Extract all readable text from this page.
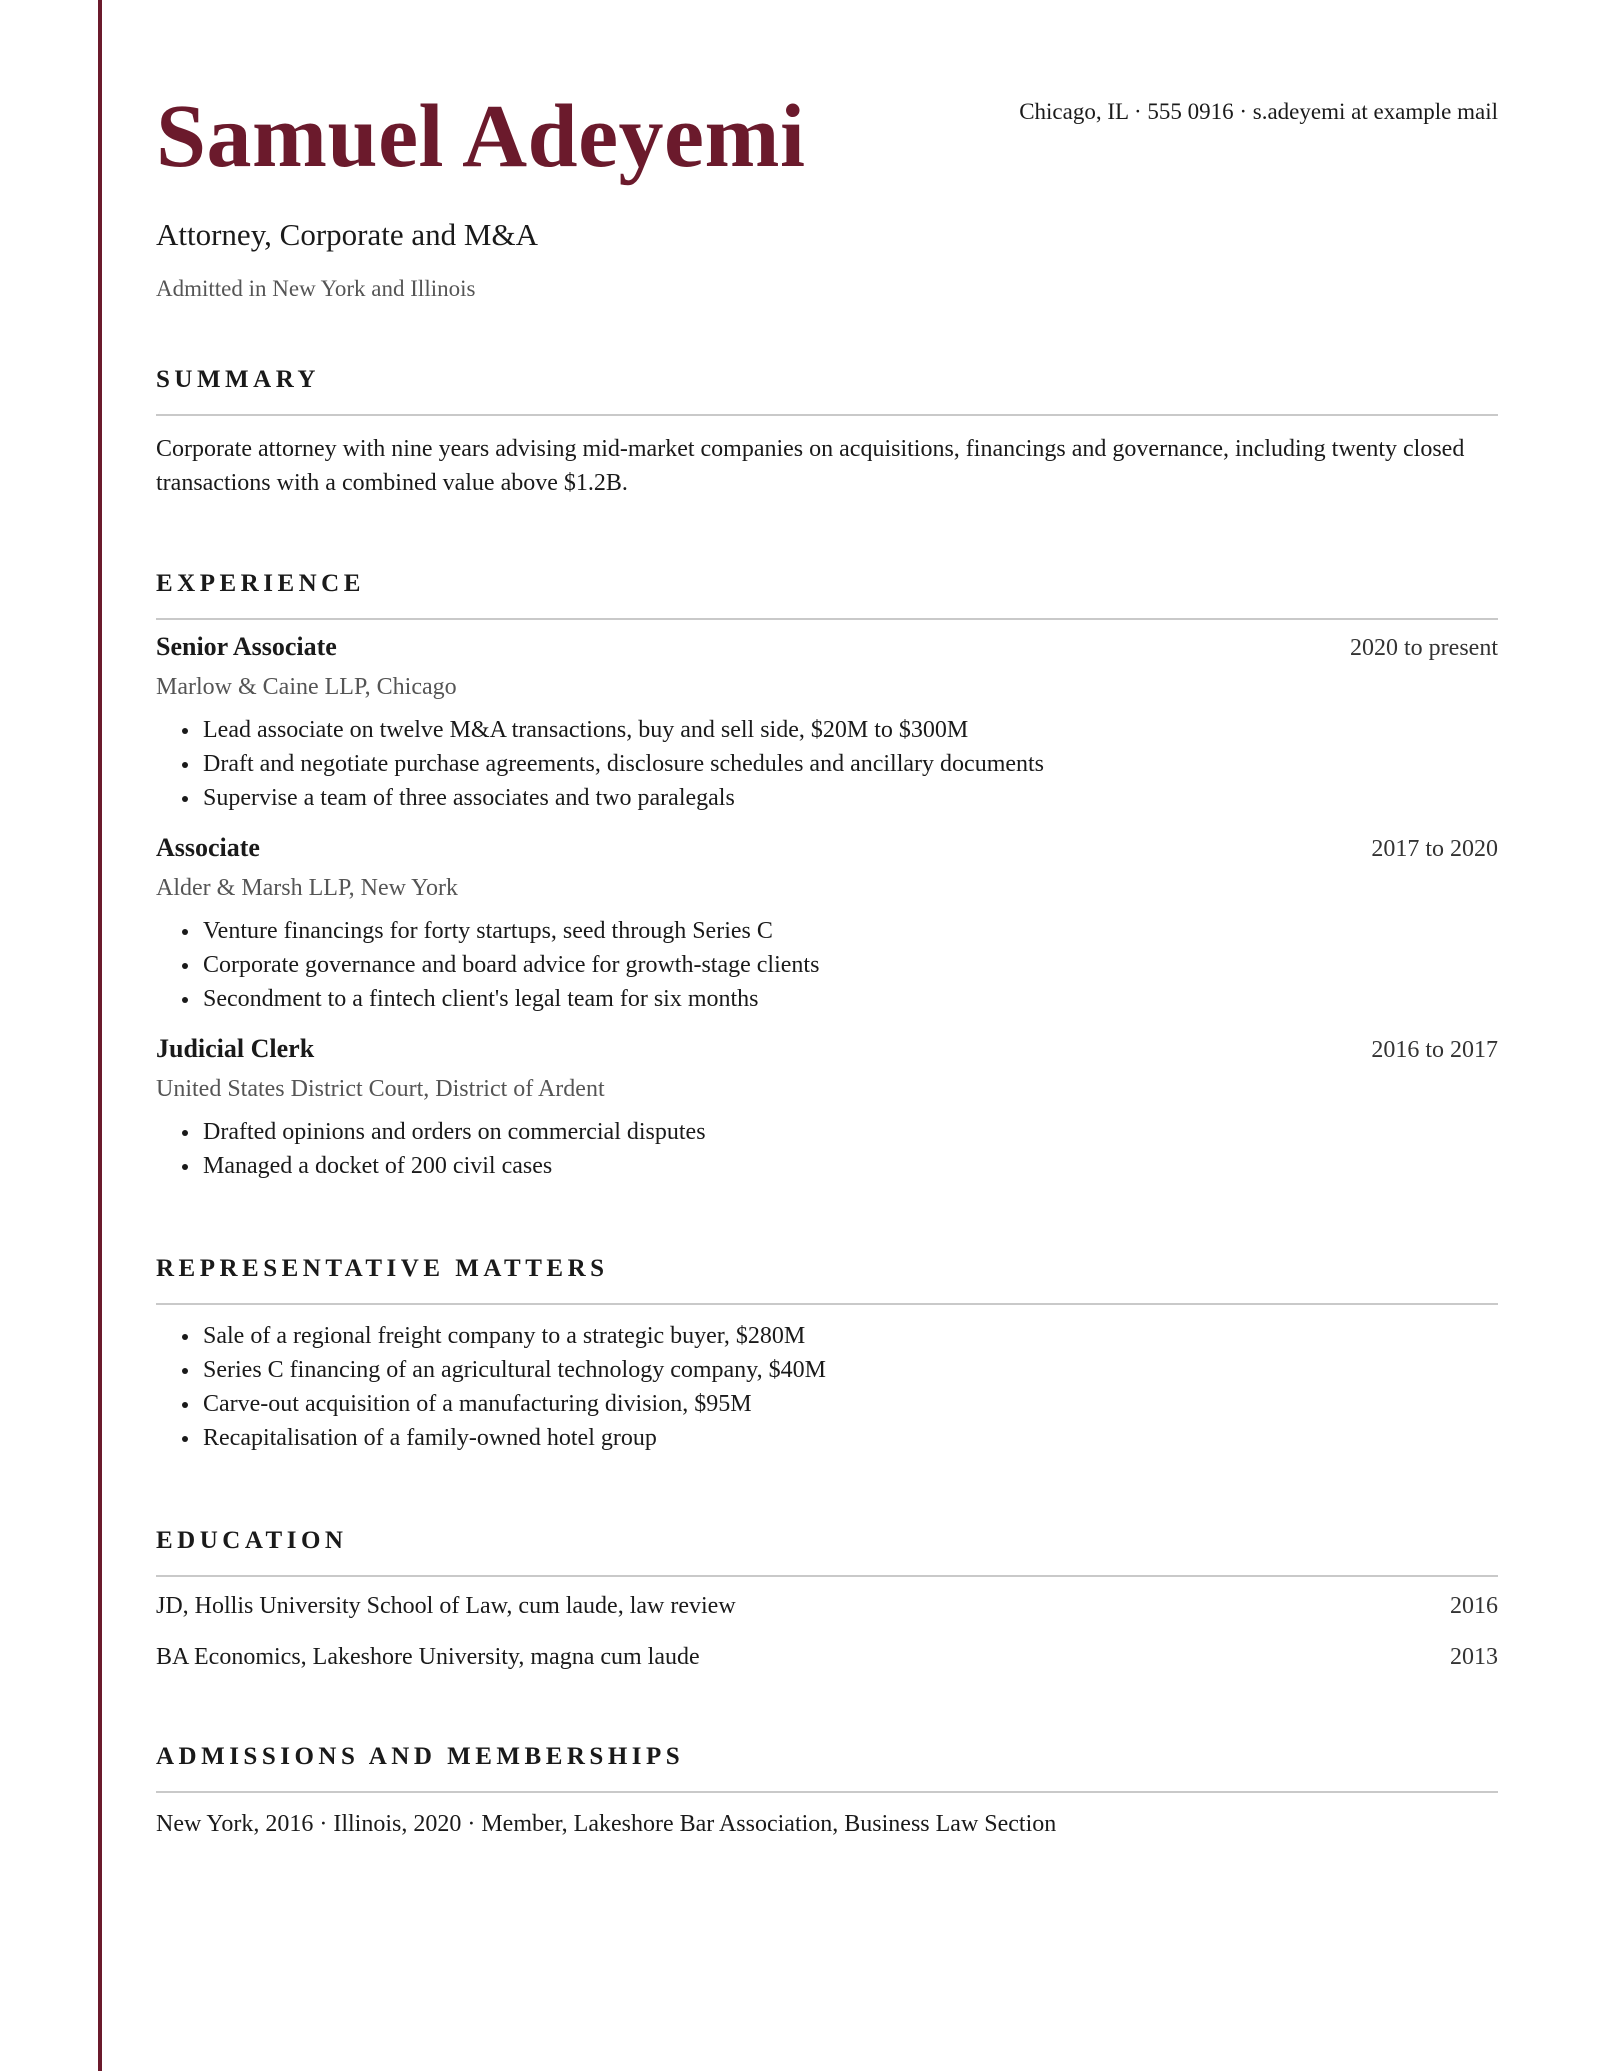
Samuel Adeyemi	Chicago, IL · 555 0916 · s.adeyemi at example mail
Attorney, Corporate and M&A
Admitted in New York and Illinois
SUMMARY

Corporate attorney with nine years advising mid-market companies on acquisitions, financings and governance, including twenty closed transactions with a combined value above $1.2B.

EXPERIENCE
Senior Associate	2020 to present
Marlow & Caine LLP, Chicago
Lead associate on twelve M&A transactions, buy and sell side, $20M to $300M
Draft and negotiate purchase agreements, disclosure schedules and ancillary documents
Supervise a team of three associates and two paralegals
Associate	2017 to 2020
Alder & Marsh LLP, New York
Venture financings for forty startups, seed through Series C
Corporate governance and board advice for growth-stage clients
Secondment to a fintech client's legal team for six months
Judicial Clerk	2016 to 2017
United States District Court, District of Ardent
Drafted opinions and orders on commercial disputes
Managed a docket of 200 civil cases
REPRESENTATIVE MATTERS
Sale of a regional freight company to a strategic buyer, $280M
Series C financing of an agricultural technology company, $40M
Carve-out acquisition of a manufacturing division, $95M
Recapitalisation of a family-owned hotel group
EDUCATION
JD, Hollis University School of Law, cum laude, law review	2016
BA Economics, Lakeshore University, magna cum laude	2013
ADMISSIONS AND MEMBERSHIPS
New York, 2016 · Illinois, 2020 · Member, Lakeshore Bar Association, Business Law Section
